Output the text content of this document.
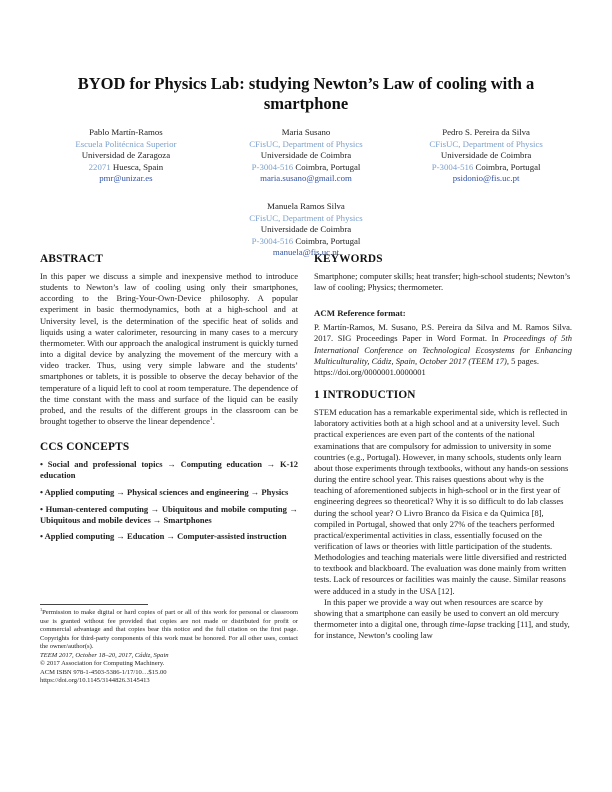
BYOD for Physics Lab: studying Newton’s Law of cooling with a smartphone
Pablo Martín-Ramos
Escuela Politécnica Superior
Universidad de Zaragoza
22071 Huesca, Spain
pmr@unizar.es
Maria Susano
CFisUC, Department of Physics
Universidade de Coimbra
P-3004-516 Coimbra, Portugal
maria.susano@gmail.com
Pedro S. Pereira da Silva
CFisUC, Department of Physics
Universidade de Coimbra
P-3004-516 Coimbra, Portugal
psidonio@fis.uc.pt
Manuela Ramos Silva
CFisUC, Department of Physics
Universidade de Coimbra
P-3004-516 Coimbra, Portugal
manuela@fis.uc.pt
ABSTRACT

In this paper we discuss a simple and inexpensive method to introduce students to Newton’s law of cooling using only their smartphones, according to the Bring-Your-Own-Device philosophy. A popular experiment in basic thermodynamics, both at a high-school and at University level, is the determination of the specific heat of solids and liquids using a water calorimeter, resourcing in many cases to a mercury thermometer. With our approach the analogical instrument is quickly turned into a digital device by analyzing the movement of the mercury with a video tracker. Thus, using very simple labware and the students’ smartphones or tablets, it is possible to observe the decay behavior of the temperature of a liquid left to cool at room temperature. The dependence of the time constant with the mass and surface of the liquid can be easily probed, and the results of the different groups in the classroom can be brought together to observe the linear dependence$^1$.

CCS CONCEPTS

• Social and professional topics → Computing education → K-12 education

• Applied computing → Physical sciences and engineering → Physics

• Human-centered computing → Ubiquitous and mobile computing → Ubiquitous and mobile devices → Smartphones

• Applied computing → Education → Computer-assisted instruction

KEYWORDS

Smartphone; computer skills; heat transfer; high-school students; Newton’s law of cooling; Physics; thermometer.

ACM Reference format:

P. Martín-Ramos, M. Susano, P.S. Pereira da Silva and M. Ramos Silva. 2017. SIG Proceedings Paper in Word Format. In Proceedings of 5th International Conference on Technological Ecosystems for Enhancing Multiculturality, Cádiz, Spain, October 2017 (TEEM 17), 5 pages.

https://doi.org/0000001.0000001

1 INTRODUCTION

STEM education has a remarkable experimental side, which is reflected in laboratory activities both at a high school and at a university level. Such practical experiences are even part of the contents of the national examinations that are compulsory for admission to university in some countries (e.g., Portugal). However, in many schools, students only learn about those experiments through textbooks, without any hands-on sessions during the entire school year. This raises questions about why is the teaching of aforementioned subjects in high-school or in the first year of engineering degrees so theoretical? Why it is so difficult to do lab classes during the school year? O Livro Branco da Fisica e da Quimica [8], compiled in Portugal, showed that only 27% of the teachers performed practical/experimental activities in class, essentially focused on the verification of laws or theories with little participation of the students. Methodologies and teaching materials were little diversified and restricted to textbook and blackboard. The evaluation was done mainly from written tests. Lack of resources or facilities was mainly the cause. Similar reasons were adduced in a study in the USA [12].

In this paper we provide a way out when resources are scarce by showing that a smartphone can easily be used to convert an old mercury thermometer into a digital one, through time-lapse tracking [11], and study, for instance, Newton’s cooling law

$^1$Permission to make digital or hard copies of part or all of this work for personal or classroom use is granted without fee provided that copies are not made or distributed for profit or commercial advantage and that copies bear this notice and the full citation on the first page. Copyrights for third-party components of this work must be honored. For all other uses, contact the owner/author(s).

TEEM 2017, October 18–20, 2017, Cádiz, Spain

© 2017 Association for Computing Machinery.

ACM ISBN 978-1-4503-5386-1/17/10…$15.00

https://doi.org/10.1145/3144826.3145413
